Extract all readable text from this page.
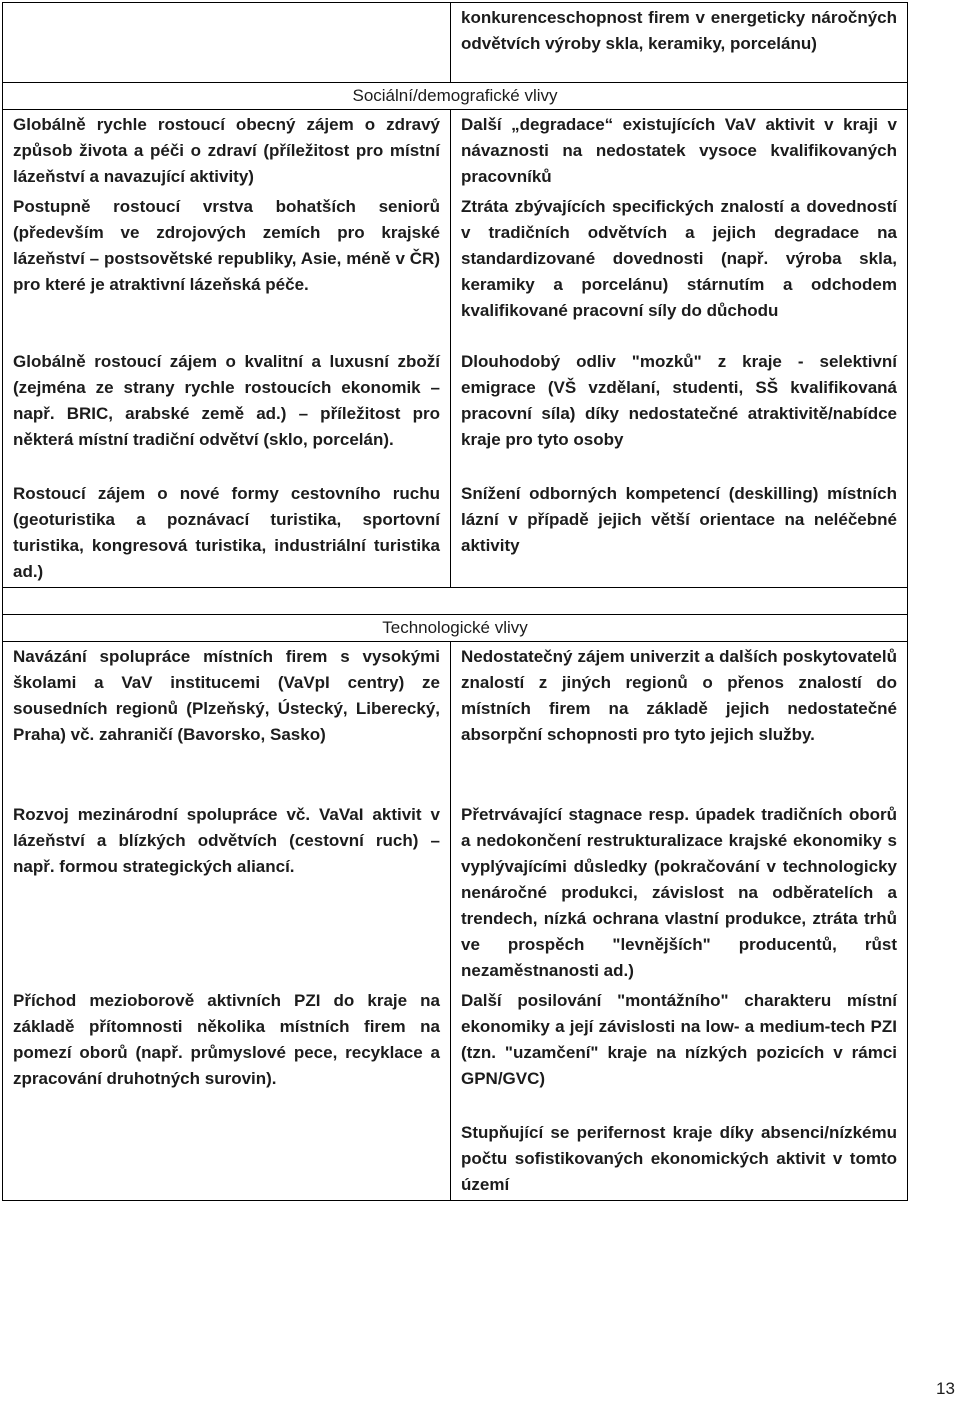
konkurenceschopnost firem v energeticky náročných odvětvích výroby skla, keramiky, porcelánu)
Sociální/demografické vlivy
Globálně rychle rostoucí obecný zájem o zdravý způsob života a péči o zdraví (příležitost pro místní lázeňství a navazující aktivity)
Další „degradace“ existujících VaV aktivit v kraji v návaznosti na nedostatek vysoce kvalifikovaných pracovníků
Postupně rostoucí vrstva bohatších seniorů (především ve zdrojových zemích pro krajské lázeňství – postsovětské republiky, Asie, méně v ČR) pro které je atraktivní lázeňská péče.
Ztráta zbývajících specifických znalostí a dovedností v tradičních odvětvích a jejich degradace na standardizované dovednosti (např. výroba skla, keramiky a porcelánu) stárnutím a odchodem kvalifikované pracovní síly do důchodu
Globálně rostoucí zájem o kvalitní a luxusní zboží (zejména ze strany rychle rostoucích ekonomik – např. BRIC, arabské země ad.) – příležitost pro některá místní tradiční odvětví (sklo, porcelán).
Dlouhodobý odliv "mozků" z kraje - selektivní emigrace (VŠ vzdělaní, studenti, SŠ kvalifikovaná pracovní síla) díky nedostatečné atraktivitě/nabídce kraje pro tyto osoby
Rostoucí zájem o nové formy cestovního ruchu (geoturistika a poznávací turistika, sportovní turistika, kongresová turistika, industriální turistika ad.)
Snížení odborných kompetencí (deskilling) místních lázní v případě jejich větší orientace na neléčebné aktivity
Technologické vlivy
Navázání spolupráce místních firem s vysokými školami a VaV institucemi (VaVpI centry) ze sousedních regionů (Plzeňský, Ústecký, Liberecký, Praha) vč. zahraničí (Bavorsko, Sasko)
Nedostatečný zájem univerzit a dalších poskytovatelů znalostí z jiných regionů o přenos znalostí do místních firem na základě jejich nedostatečné absorpční schopnosti pro tyto jejich služby.
Rozvoj mezinárodní spolupráce vč. VaVaI aktivit v lázeňství a blízkých odvětvích (cestovní ruch) – např. formou strategických aliancí.
Přetrvávající stagnace resp. úpadek tradičních oborů a nedokončení restrukturalizace krajské ekonomiky s vyplývajícími důsledky (pokračování v technologicky nenáročné produkci, závislost na odběratelích a trendech, nízká ochrana vlastní produkce, ztráta trhů ve prospěch "levnějších" producentů, růst nezaměstnanosti ad.)
Příchod mezioborově aktivních PZI do kraje na základě přítomnosti několika místních firem na pomezí oborů (např. průmyslové pece, recyklace a zpracování druhotných surovin).
Další posilování "montážního" charakteru místní ekonomiky a její závislosti na low- a medium-tech PZI (tzn. "uzamčení" kraje na nízkých pozicích v rámci GPN/GVC)
Stupňující se perifernost kraje díky absenci/nízkému počtu sofistikovaných ekonomických aktivit v tomto území
13
